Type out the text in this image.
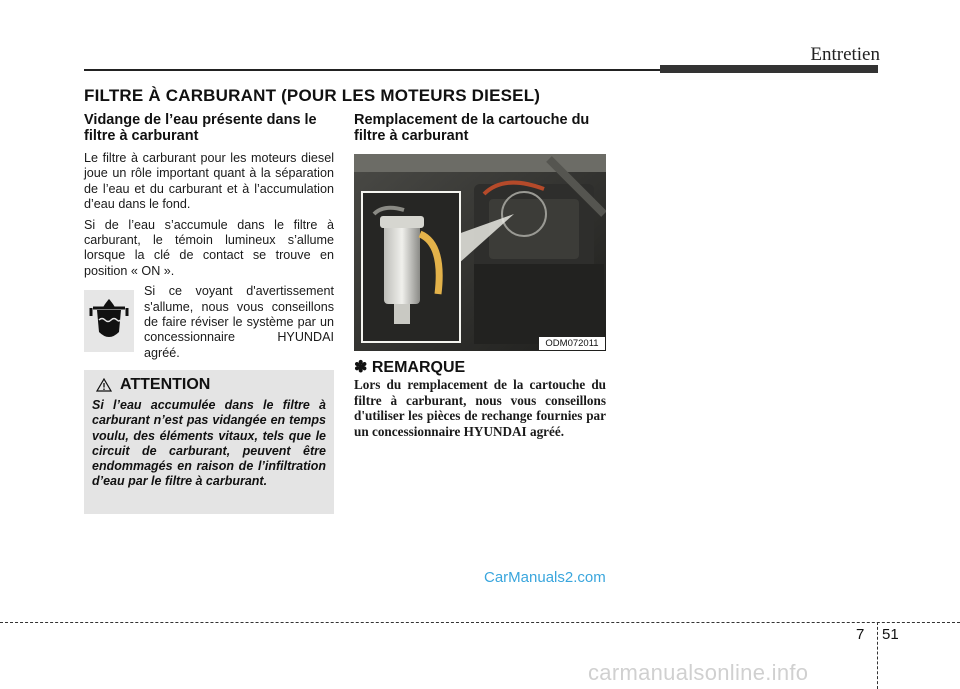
Entretien
FILTRE À CARBURANT (POUR LES MOTEURS DIESEL)
Vidange de l’eau présente dans le filtre à carburant

Le filtre à carburant pour les moteurs diesel joue un rôle important quant à la séparation de l’eau et du carburant et à l’accumulation d’eau dans le fond.

Si de l’eau s’accumule dans le filtre à carburant, le témoin lumineux s’allume lorsque la clé de contact se trouve en position « ON ».

Si ce voyant d'avertissement s'allume, nous vous conseillons de faire réviser le système par un concessionnaire HYUNDAI agréé.
ATTENTION
Si l’eau accumulée dans le filtre à carburant n’est pas vidangée en temps voulu, des éléments vitaux, tels que le circuit de carburant, peuvent être endommagés en raison de l’infiltration d’eau par le filtre à carburant.
Remplacement de la cartouche du filtre à carburant
ODM072011
✽ REMARQUE
Lors du remplacement de la cartouche du filtre à carburant, nous vous conseillons d'utiliser les pièces de rechange fournies par un concessionnaire HYUNDAI agréé.
CarManuals2.com
7 51
carmanualsonline.info
